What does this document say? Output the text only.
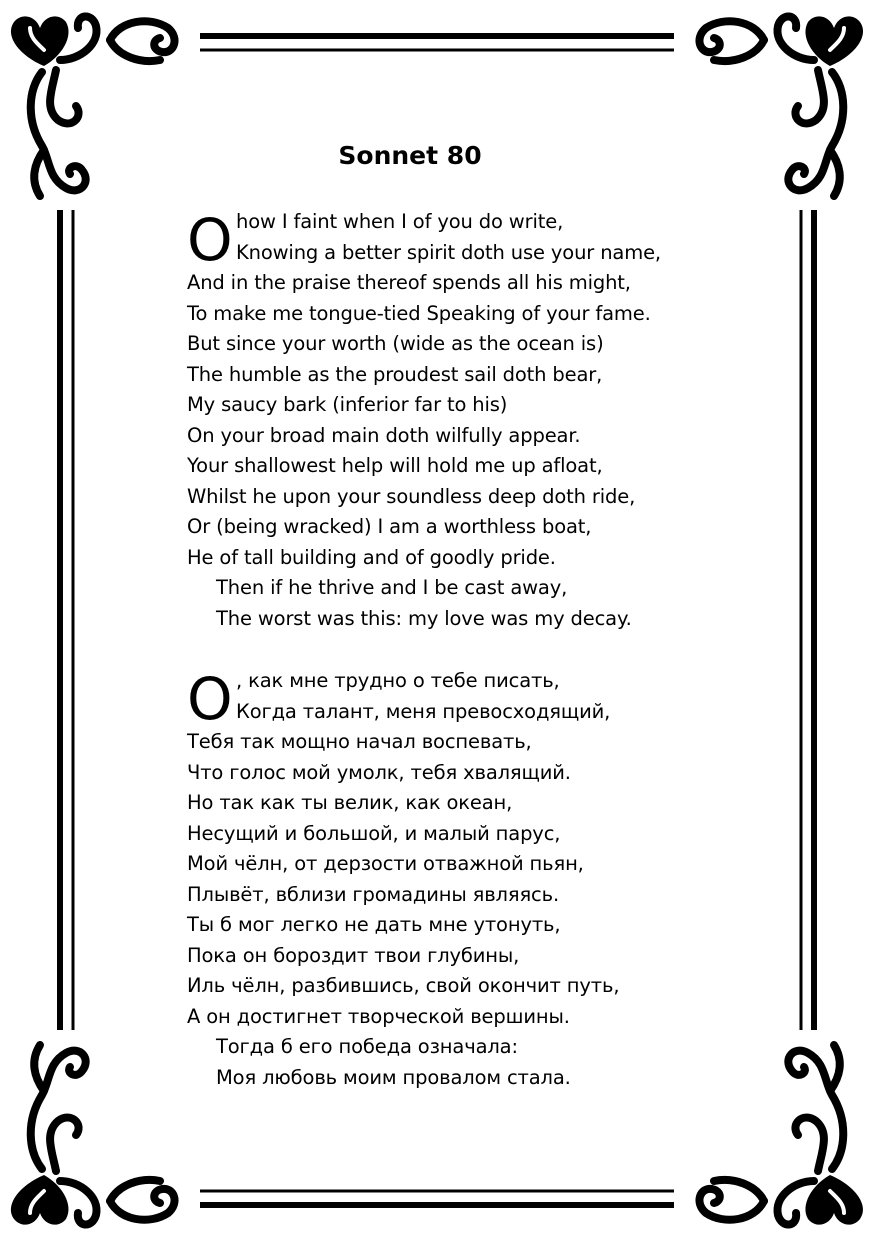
Sonnet 80
O how I faint when I of you do write,
Knowing a better spirit doth use your name,
And in the praise thereof spends all his might,
To make me tongue-tied Speaking of your fame.
But since your worth (wide as the ocean is)
The humble as the proudest sail doth bear,
My saucy bark (inferior far to his)
On your broad main doth wilfully appear.
Your shallowest help will hold me up afloat,
Whilst he upon your soundless deep doth ride,
Or (being wracked) I am a worthless boat,
He of tall building and of goodly pride.
Then if he thrive and I be cast away,
The worst was this: my love was my decay.
О , как мне трудно о тебе писать,
Когда талант, меня превосходящий,
Тебя так мощно начал воспевать,
Что голос мой умолк, тебя хвалящий.
Но так как ты велик, как океан,
Несущий и большой, и малый парус,
Мой чёлн, от дерзости отважной пьян,
Плывёт, вблизи громадины являясь.
Ты б мог легко не дать мне утонуть,
Пока он бороздит твои глубины,
Иль чёлн, разбившись, свой окончит путь,
А он достигнет творческой вершины.
Тогда б его победа означала:
Моя любовь моим провалом стала.
